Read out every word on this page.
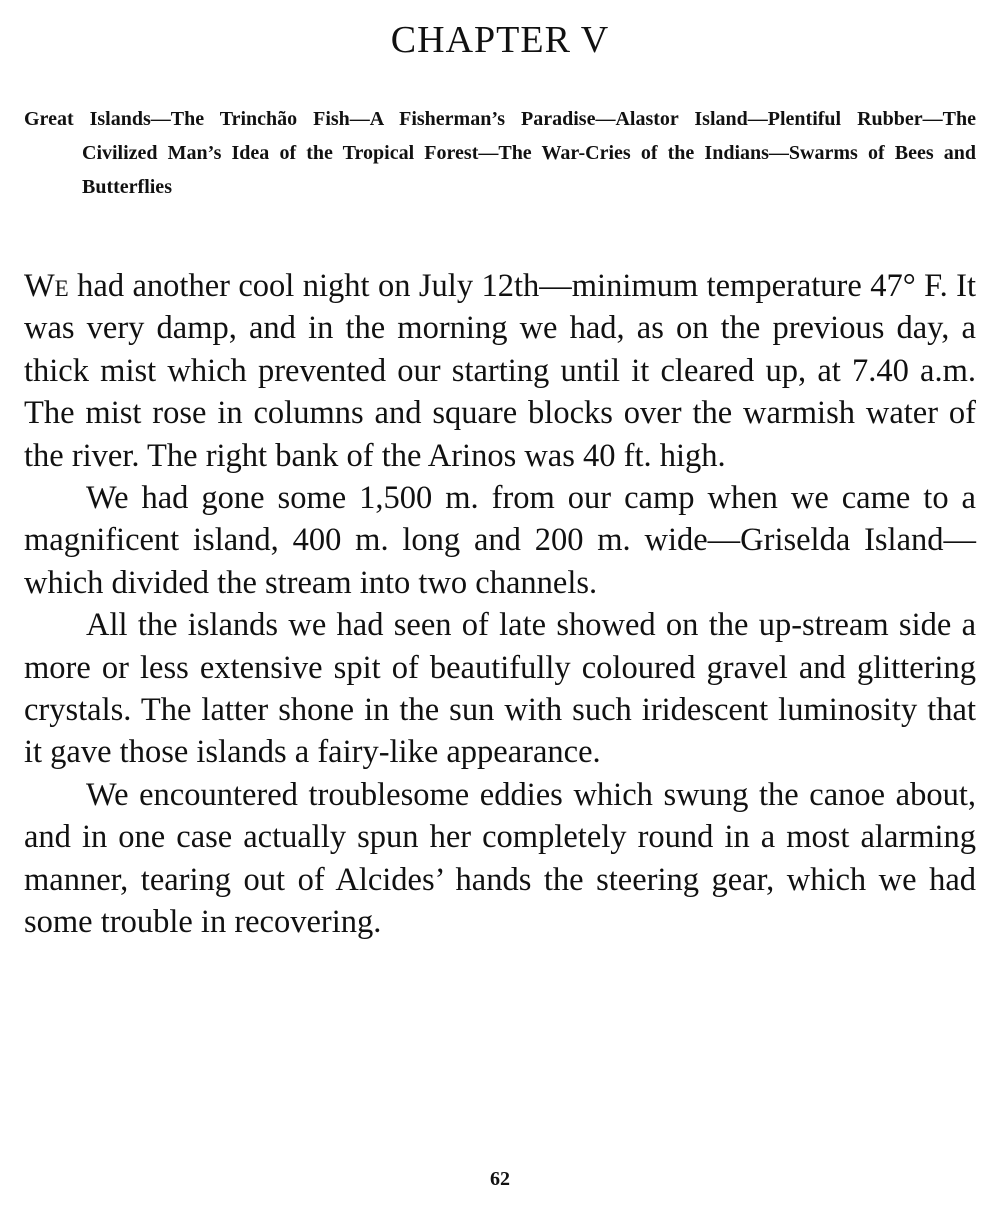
CHAPTER V

Great Islands—The Trinchão Fish—A Fisherman’s Paradise—Alastor Island—Plentiful Rubber—The Civilized Man’s Idea of the Tropical Forest—The War-Cries of the Indians—Swarms of Bees and Butterflies

We had another cool night on July 12th—minimum temperature 47° F. It was very damp, and in the morning we had, as on the previous day, a thick mist which prevented our starting until it cleared up, at 7.40 a.m. The mist rose in columns and square blocks over the warmish water of the river. The right bank of the Arinos was 40 ft. high.

We had gone some 1,500 m. from our camp when we came to a magnificent island, 400 m. long and 200 m. wide—Griselda Island—which divided the stream into two channels.

All the islands we had seen of late showed on the up-stream side a more or less extensive spit of beautifully coloured gravel and glittering crystals. The latter shone in the sun with such iridescent luminosity that it gave those islands a fairy-like appearance.

We encountered troublesome eddies which swung the canoe about, and in one case actually spun her completely round in a most alarming manner, tearing out of Alcides’ hands the steering gear, which we had some trouble in recovering.

62
